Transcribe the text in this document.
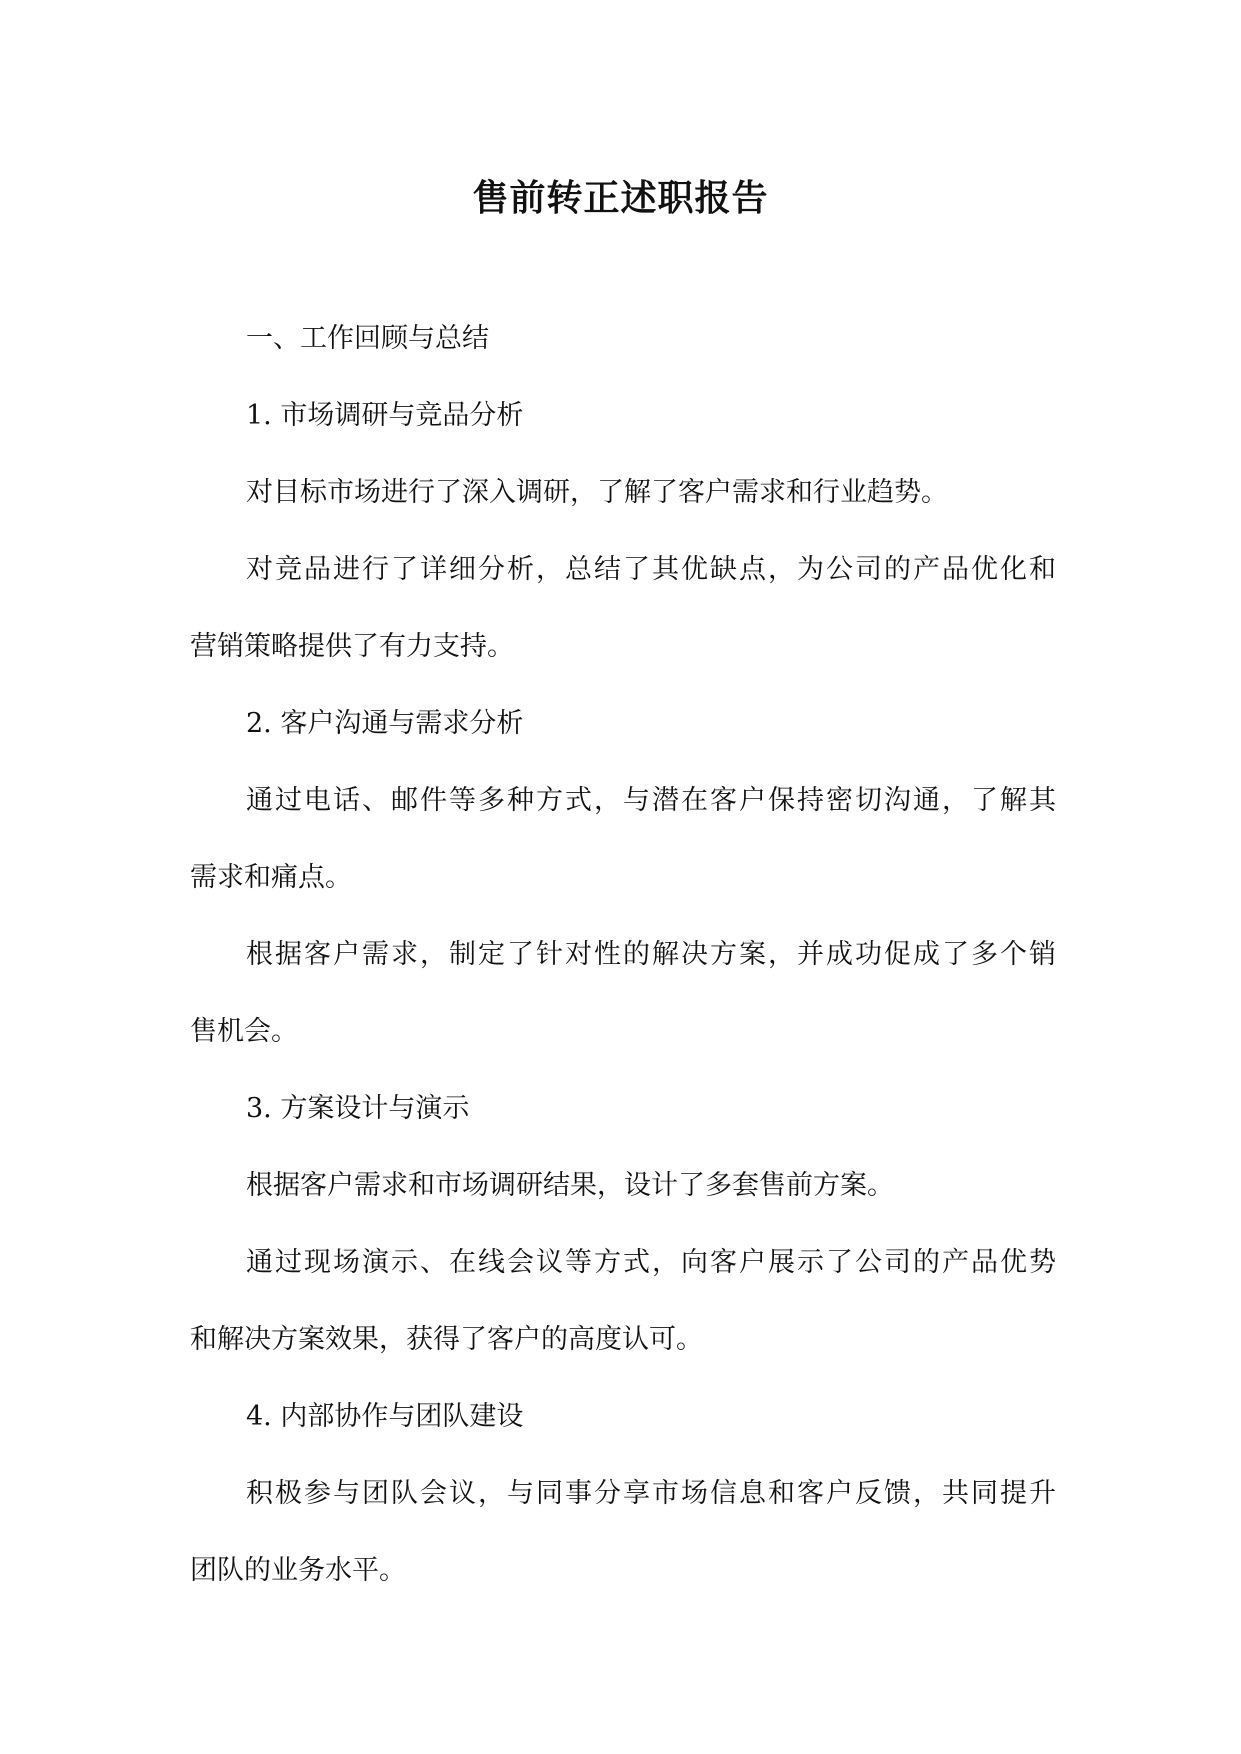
售前转正述职报告

一、工作回顾与总结

1. 市场调研与竞品分析

对目标市场进行了深入调研，了解了客户需求和行业趋势。

对竞品进行了详细分析，总结了其优缺点，为公司的产品优化和

营销策略提供了有力支持。

2. 客户沟通与需求分析

通过电话、邮件等多种方式，与潜在客户保持密切沟通，了解其

需求和痛点。

根据客户需求，制定了针对性的解决方案，并成功促成了多个销

售机会。

3. 方案设计与演示

根据客户需求和市场调研结果，设计了多套售前方案。

通过现场演示、在线会议等方式，向客户展示了公司的产品优势

和解决方案效果，获得了客户的高度认可。

4. 内部协作与团队建设

积极参与团队会议，与同事分享市场信息和客户反馈，共同提升

团队的业务水平。
